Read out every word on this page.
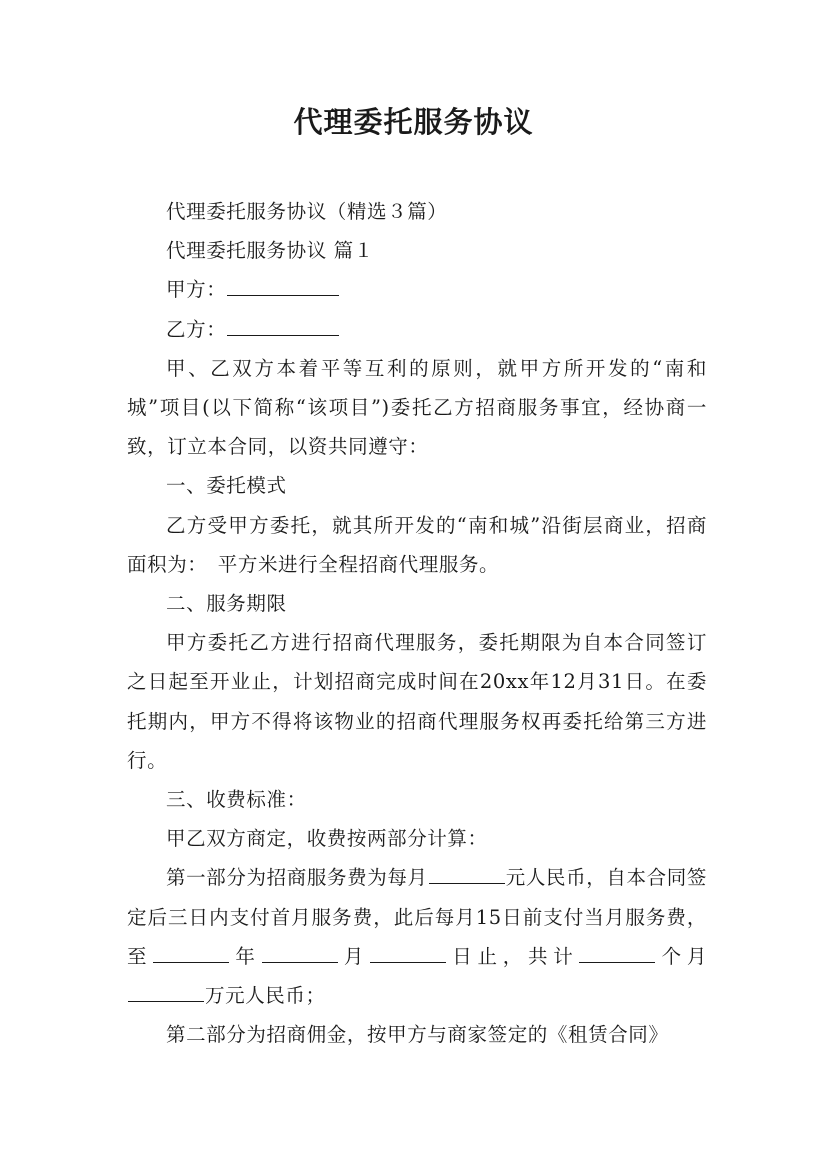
代理委托服务协议

代理委托服务协议（精选３篇）

代理委托服务协议 篇１

甲方：

乙方：

甲、乙双方本着平等互利的原则，就甲方所开发的“南和城”项目(以下简称“该项目”)委托乙方招商服务事宜，经协商一致，订立本合同，以资共同遵守：

一、委托模式

乙方受甲方委托，就其所开发的“南和城”沿街层商业，招商面积为：　平方米进行全程招商代理服务。

二、服务期限

甲方委托乙方进行招商代理服务，委托期限为自本合同签订之日起至开业止，计划招商完成时间在20xx年12月31日。在委托期内，甲方不得将该物业的招商代理服务权再委托给第三方进行。

三、收费标准：

甲乙双方商定，收费按两部分计算：

第一部分为招商服务费为每月	元人民币，自本合同签定后三日内支付首月服务费，此后每月15日前支付当月服务费，至	年	月	日止，共计	个月万元人民币；

第二部分为招商佣金，按甲方与商家签定的《租赁合同》
